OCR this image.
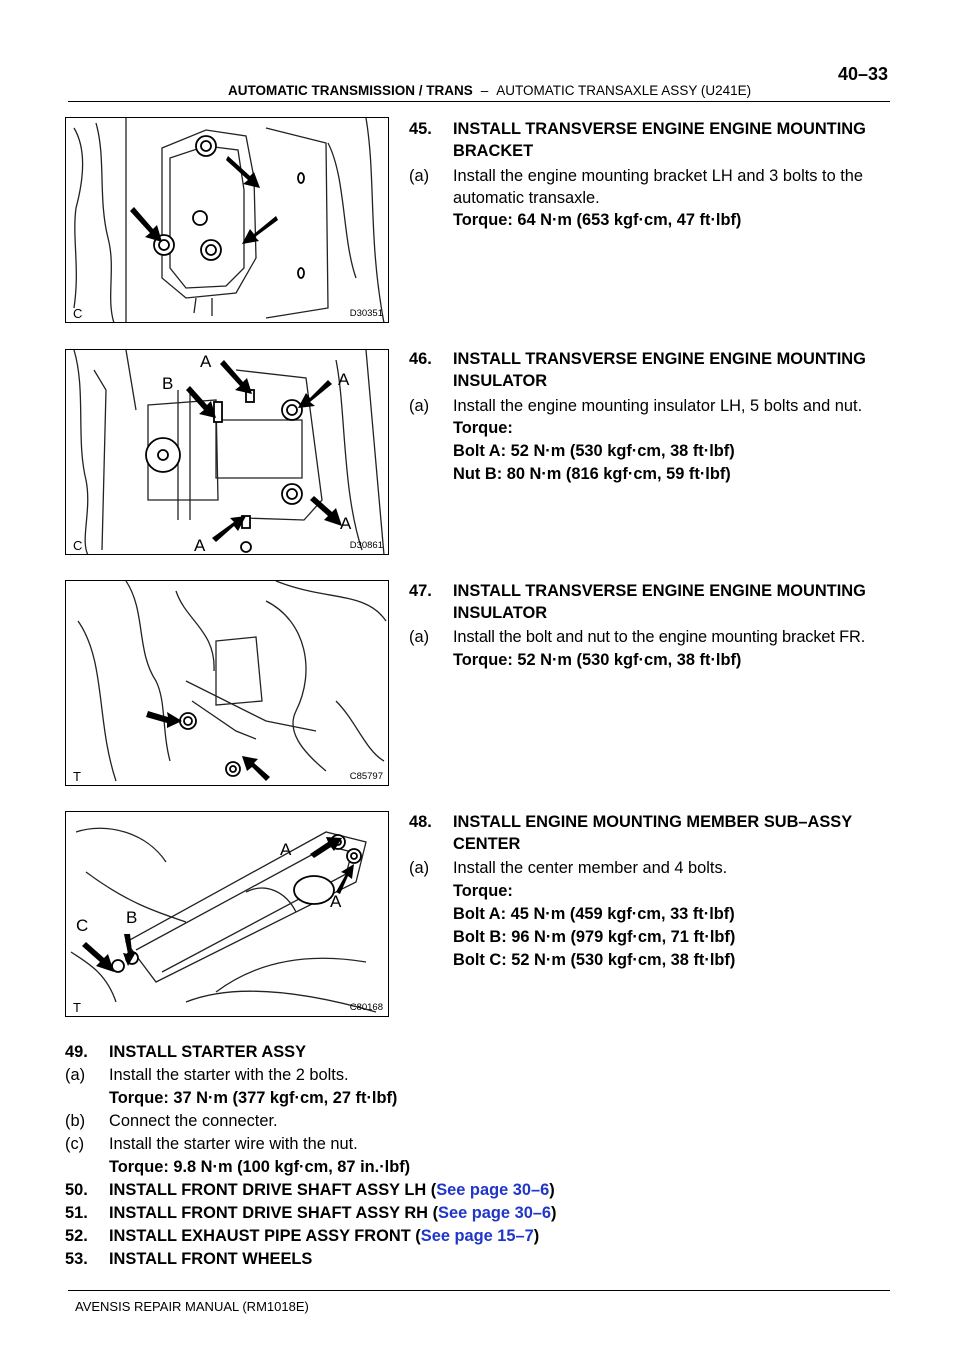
40–33
AUTOMATIC TRANSMISSION / TRANS – AUTOMATIC TRANSAXLE ASSY (U241E)
C	D30351
A
A
B
A
A
C	D30861
T	C85797
A
A
C B
T	C80168
45. INSTALL TRANSVERSE ENGINE ENGINE MOUNTING
BRACKET
(a) Install the engine mounting bracket LH and 3 bolts to the
automatic transaxle.
Torque: 64 N·m (653 kgf·cm, 47 ft·lbf)
46. INSTALL TRANSVERSE ENGINE ENGINE MOUNTING
INSULATOR
(a) Install the engine mounting insulator LH, 5 bolts and nut.
Torque:
Bolt A: 52 N·m (530 kgf·cm, 38 ft·lbf)
Nut B: 80 N·m (816 kgf·cm, 59 ft·lbf)
47. INSTALL TRANSVERSE ENGINE ENGINE MOUNTING
INSULATOR
(a) Install the bolt and nut to the engine mounting bracket FR.
Torque: 52 N·m (530 kgf·cm, 38 ft·lbf)
48. INSTALL ENGINE MOUNTING MEMBER SUB–ASSY
CENTER
(a) Install the center member and 4 bolts.
Torque:
Bolt A: 45 N·m (459 kgf·cm, 33 ft·lbf)
Bolt B: 96 N·m (979 kgf·cm, 71 ft·lbf)
Bolt C: 52 N·m (530 kgf·cm, 38 ft·lbf)
49. INSTALL STARTER ASSY
(a) Install the starter with the 2 bolts.
Torque: 37 N·m (377 kgf·cm, 27 ft·lbf)
(b) Connect the connecter.
(c) Install the starter wire with the nut.
Torque: 9.8 N·m (100 kgf·cm, 87 in.·lbf)
50. INSTALL FRONT DRIVE SHAFT ASSY LH (See page 30–6)
51. INSTALL FRONT DRIVE SHAFT ASSY RH (See page 30–6)
52. INSTALL EXHAUST PIPE ASSY FRONT (See page 15–7)
53. INSTALL FRONT WHEELS
AVENSIS REPAIR MANUAL (RM1018E)
